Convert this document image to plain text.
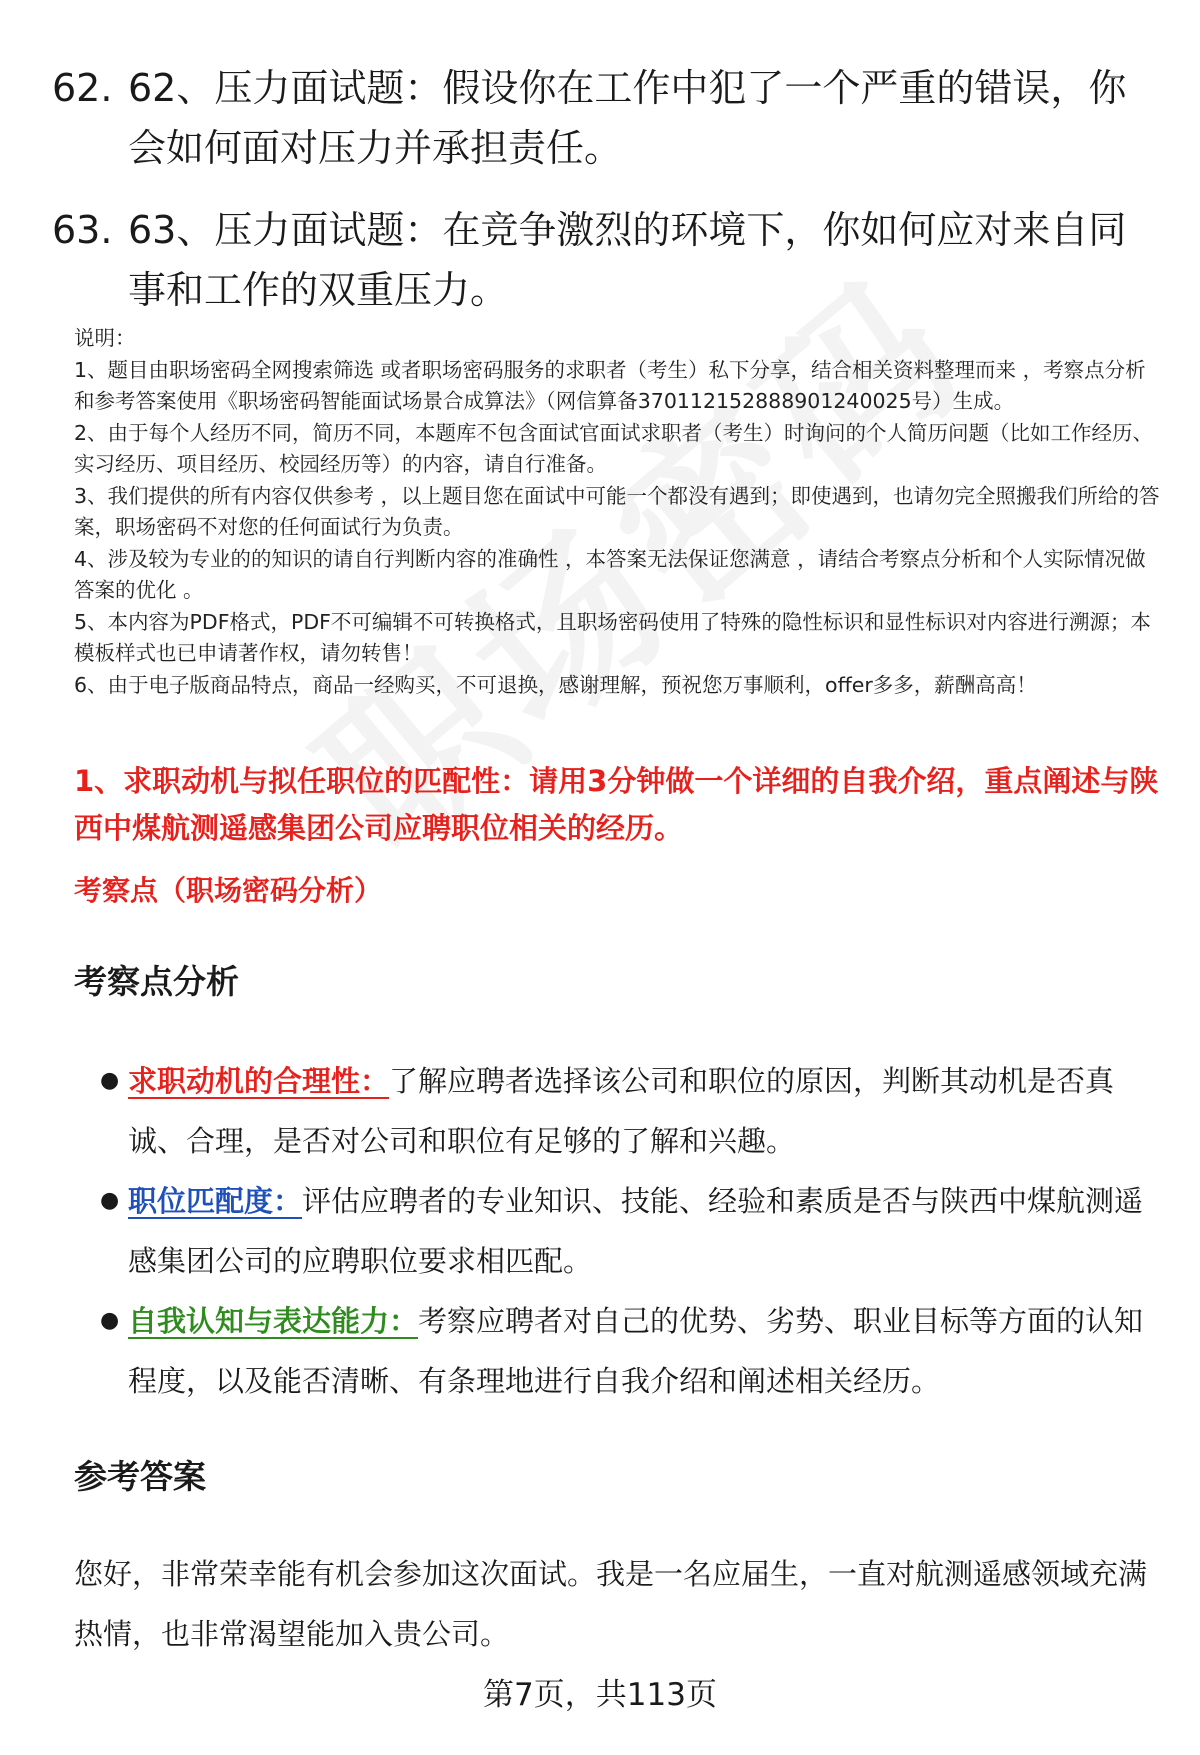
62. 62、压力面试题：假设你在工作中犯了一个严重的错误，你会如何面对压力并承担责任。
63. 63、压力面试题：在竞争激烈的环境下，你如何应对来自同事和工作的双重压力。

说明：

1、题目由职场密码全网搜索筛选 或者职场密码服务的求职者（考生）私下分享，结合相关资料整理而来 ，考察点分析和参考答案使用《职场密码智能面试场景合成算法》（网信算备370112152888901240025号）生成。

2、由于每个人经历不同，简历不同，本题库不包含面试官面试求职者（考生）时询问的个人简历问题（比如工作经历、实习经历、项目经历、校园经历等）的内容，请自行准备。

3、我们提供的所有内容仅供参考 ，以上题目您在面试中可能一个都没有遇到；即使遇到，也请勿完全照搬我们所给的答案，职场密码不对您的任何面试行为负责。

4、涉及较为专业的的知识的请自行判断内容的准确性 ，本答案无法保证您满意 ，请结合考察点分析和个人实际情况做答案的优化 。

5、本内容为PDF格式，PDF不可编辑不可转换格式，且职场密码使用了特殊的隐性标识和显性标识对内容进行溯源；本模板样式也已申请著作权，请勿转售！

6、由于电子版商品特点，商品一经购买，不可退换，感谢理解，预祝您万事顺利，offer多多，薪酬高高！

1、求职动机与拟任职位的匹配性：请用3分钟做一个详细的自我介绍，重点阐述与陕西中煤航测遥感集团公司应聘职位相关的经历。
考察点（职场密码分析）
考察点分析
● 求职动机的合理性：了解应聘者选择该公司和职位的原因，判断其动机是否真诚、合理，是否对公司和职位有足够的了解和兴趣。
● 职位匹配度：评估应聘者的专业知识、技能、经验和素质是否与陕西中煤航测遥感集团公司的应聘职位要求相匹配。
● 自我认知与表达能力：考察应聘者对自己的优势、劣势、职业目标等方面的认知程度，以及能否清晰、有条理地进行自我介绍和阐述相关经历。
参考答案
您好，非常荣幸能有机会参加这次面试。我是一名应届生，一直对航测遥感领域充满热情，也非常渴望能加入贵公司。
第7页，共113页
